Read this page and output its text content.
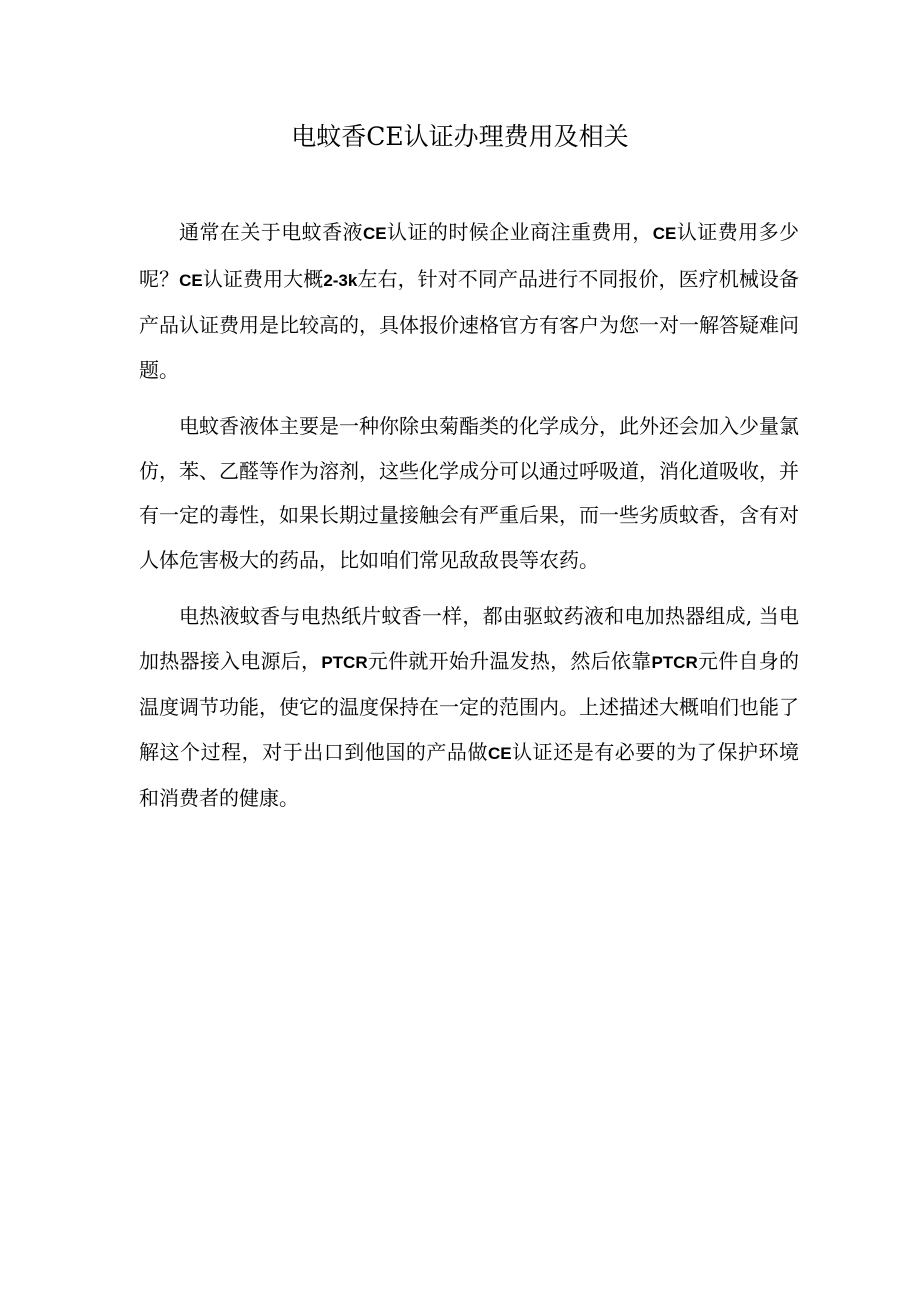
电蚊香CE认证办理费用及相关

通常在关于电蚊香液CE认证的时候企业商注重费用，CE认证费用多少呢？CE认证费用大概2-3k左右，针对不同产品进行不同报价，医疗机械设备产品认证费用是比较高的，具体报价速格官方有客户为您一对一解答疑难问题。

电蚊香液体主要是一种你除虫菊酯类的化学成分，此外还会加入少量氯仿，苯、乙醛等作为溶剂，这些化学成分可以通过呼吸道，消化道吸收，并有一定的毒性，如果长期过量接触会有严重后果，而一些劣质蚊香，含有对人体危害极大的药品，比如咱们常见敌敌畏等农药。

电热液蚊香与电热纸片蚊香一样，都由驱蚊药液和电加热器组成, 当电加热器接入电源后，PTCR元件就开始升温发热，然后依靠PTCR元件自身的温度调节功能，使它的温度保持在一定的范围内。上述描述大概咱们也能了解这个过程，对于出口到他国的产品做CE认证还是有必要的为了保护环境和消费者的健康。
